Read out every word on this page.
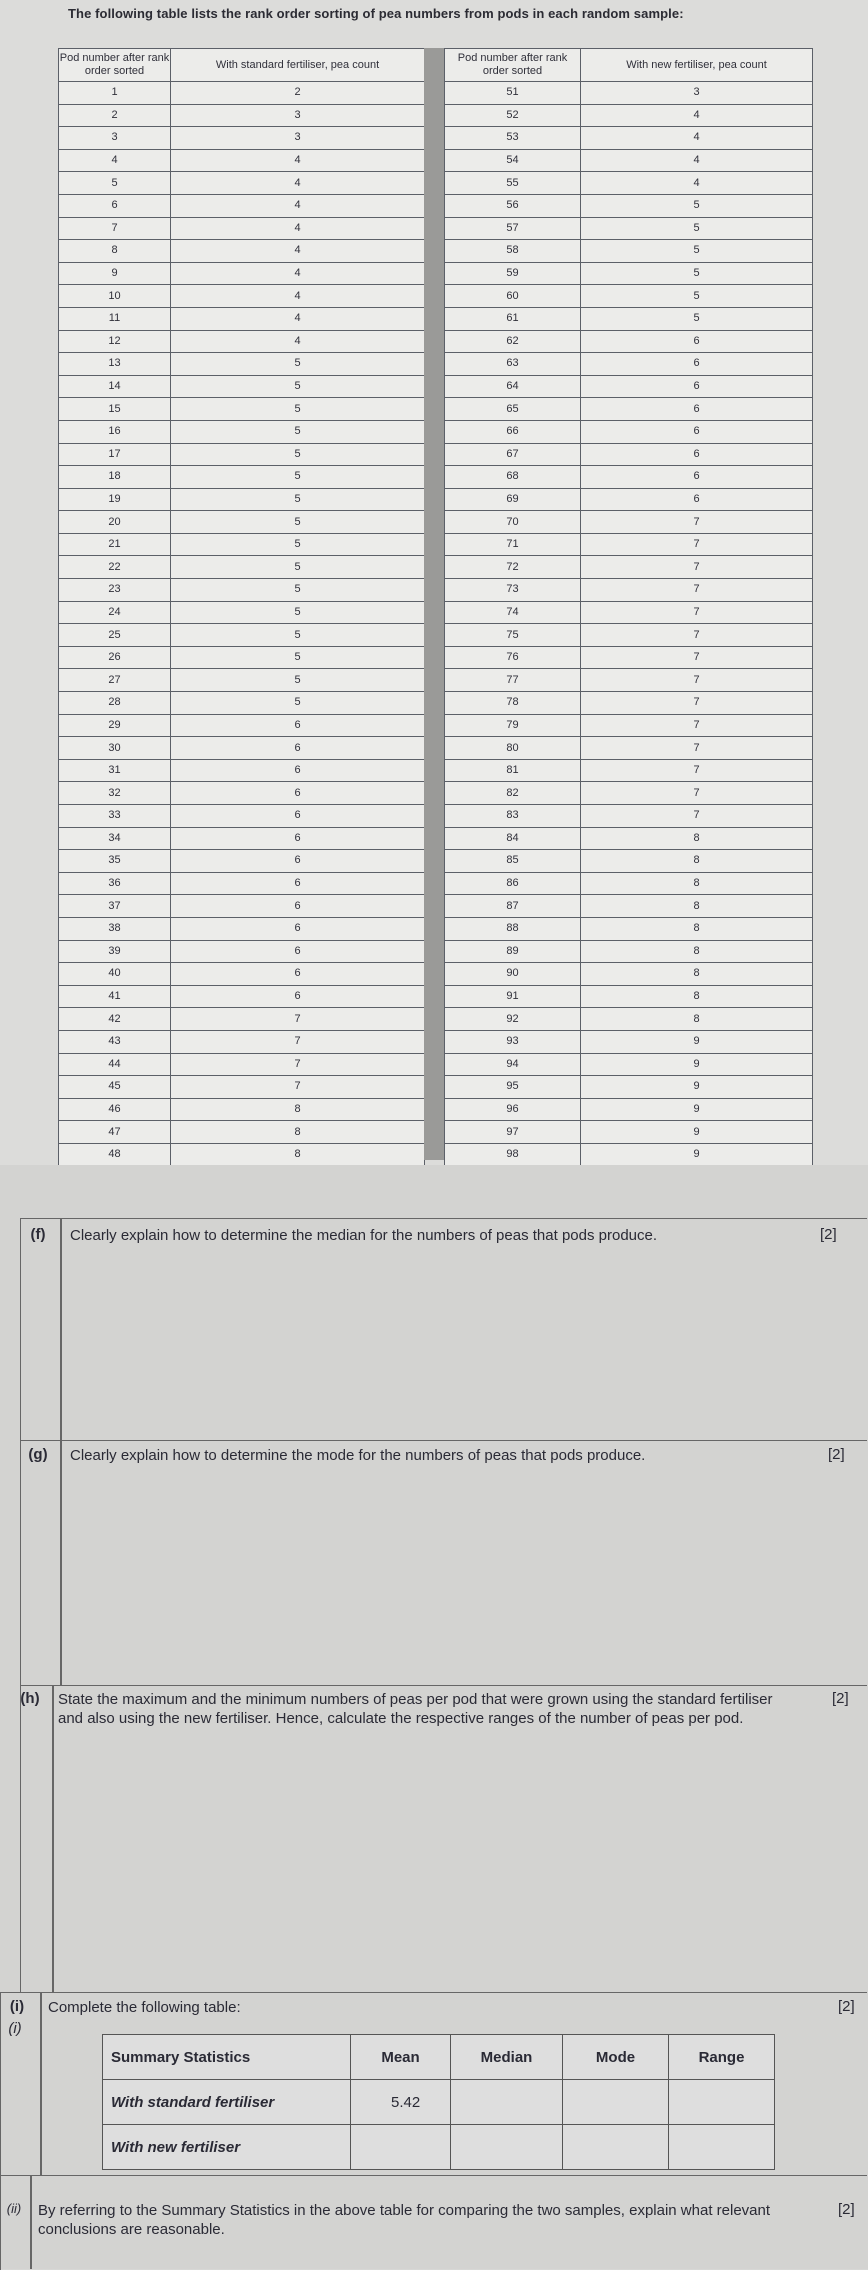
The following table lists the rank order sorting of pea numbers from pods in each random sample:
Pod number after rank order sorted	With standard fertiliser, pea count
1	2
2	3
3	3
4	4
5	4
6	4
7	4
8	4
9	4
10	4
11	4
12	4
13	5
14	5
15	5
16	5
17	5
18	5
19	5
20	5
21	5
22	5
23	5
24	5
25	5
26	5
27	5
28	5
29	6
30	6
31	6
32	6
33	6
34	6
35	6
36	6
37	6
38	6
39	6
40	6
41	6
42	7
43	7
44	7
45	7
46	8
47	8
48	8

Pod number after rank order sorted	With new fertiliser, pea count
51	3
52	4
53	4
54	4
55	4
56	5
57	5
58	5
59	5
60	5
61	5
62	6
63	6
64	6
65	6
66	6
67	6
68	6
69	6
70	7
71	7
72	7
73	7
74	7
75	7
76	7
77	7
78	7
79	7
80	7
81	7
82	7
83	7
84	8
85	8
86	8
87	8
88	8
89	8
90	8
91	8
92	8
93	9
94	9
95	9
96	9
97	9
98	9

(f)	Clearly explain how to determine the median for the numbers of peas that pods produce.	[2]
(g)	Clearly explain how to determine the mode for the numbers of peas that pods produce.	[2]
(h)	State the maximum and the minimum numbers of peas per pod that were grown using the standard fertiliser and also using the new fertiliser. Hence, calculate the respective ranges of the number of peas per pod.
[2]
(i)
(i)
Complete the following table:	[2]
Summary Statistics	Mean	Median	Mode	Range
With standard fertiliser	5.42			
With new fertiliser				
(ii)	By referring to the Summary Statistics in the above table for comparing the two samples, explain what relevant conclusions are reasonable.
[2]
